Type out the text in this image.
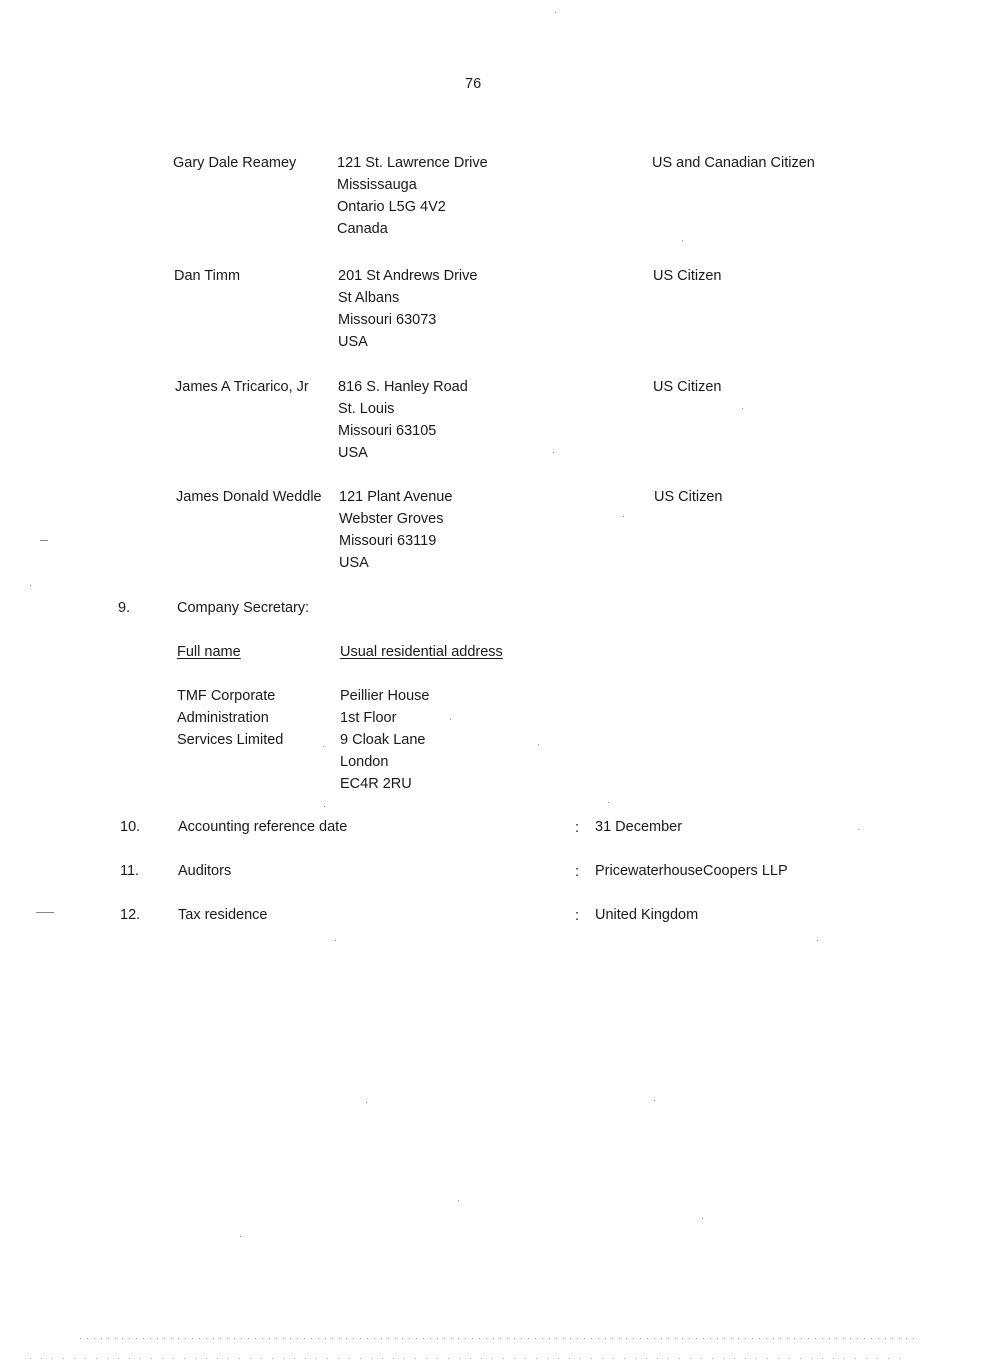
76
Gary Dale Reamey	121 St. Lawrence Drive
Mississauga
Ontario L5G 4V2
Canada
US and Canadian Citizen
Dan Timm	201 St Andrews Drive
St Albans
Missouri 63073
USA
US Citizen
James A Tricarico, Jr 816 S. Hanley Road
St. Louis
Missouri 63105
USA
US Citizen
James Donald Weddle 121 Plant Avenue
Webster Groves
Missouri 63119
USA
US Citizen
9.	Company Secretary:
Full name	Usual residential address
TMF Corporate
Administration
Services Limited
Peillier House
1st Floor
9 Cloak Lane
London
EC4R 2RU
10.	Accounting reference date	: 31 December
11.	Auditors	: PricewaterhouseCoopers LLP
12.	Tax residence	: United Kingdom
